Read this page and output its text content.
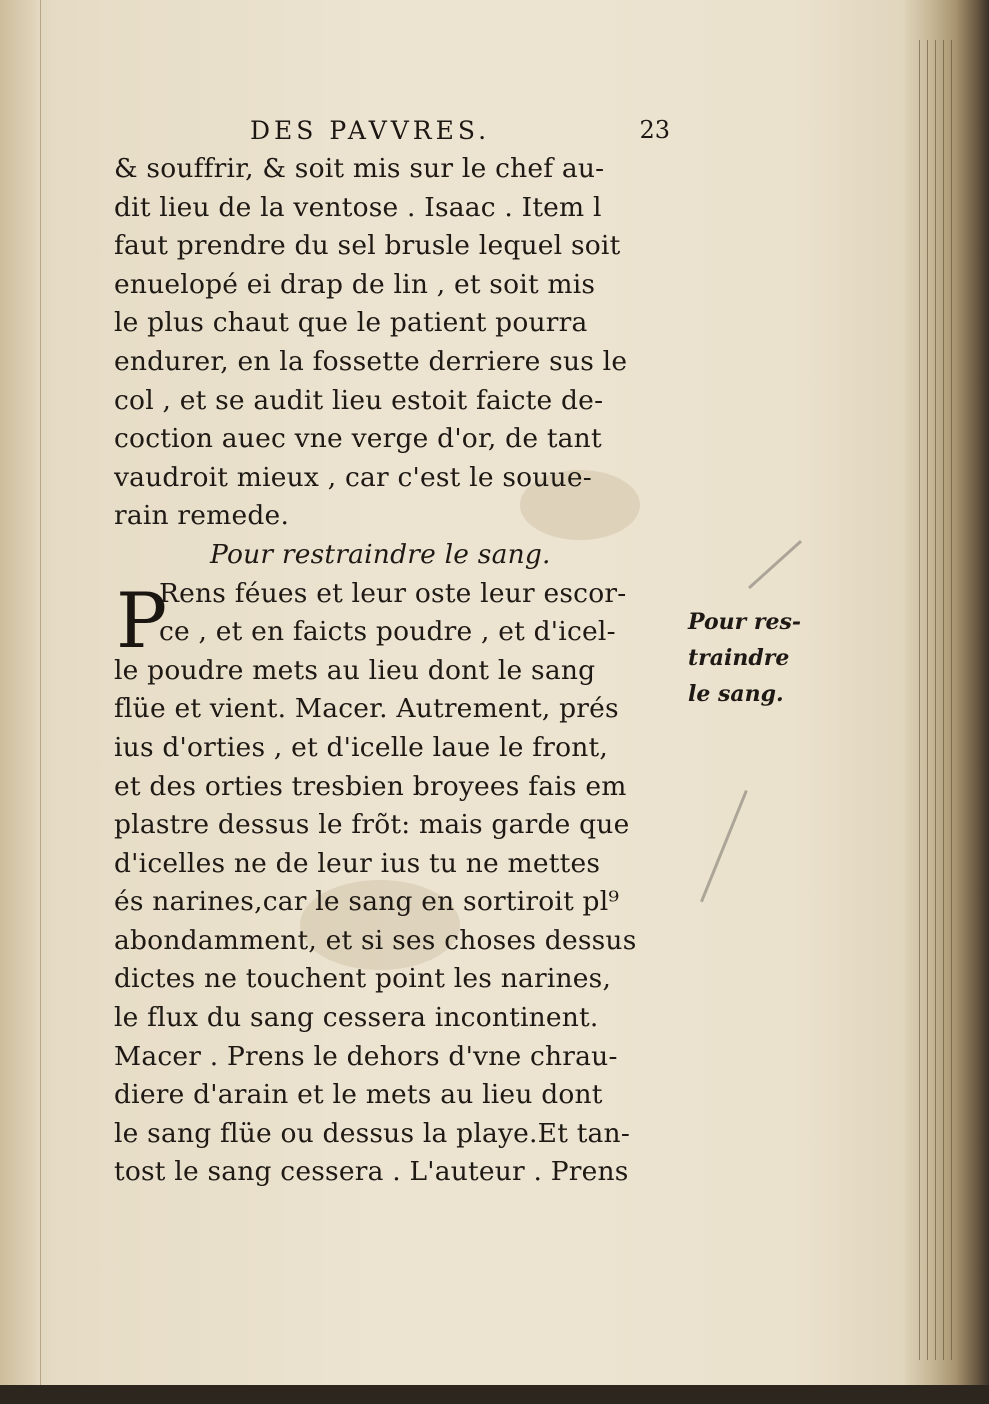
DES PAVVRES.	23
& souffrir, & soit mis sur le chef au-
dit lieu de la ventose . Isaac . Item l
faut prendre du sel brusle lequel soit
enuelopé ei drap de lin , et soit mis
le plus chaut que le patient pourra
endurer, en la fossette derriere sus le
col , et se audit lieu estoit faicte de-
coction auec vne verge d'or, de tant
vaudroit mieux , car c'est le souue-
rain remede.
Pour restraindre le sang.
P
Rens féues et leur oste leur escor-
ce , et en faicts poudre , et d'icel-
le poudre mets au lieu dont le sang
flüe et vient. Macer. Autrement, prés
ius d'orties , et d'icelle laue le front,
et des orties tresbien broyees fais em
plastre dessus le frõt: mais garde que
d'icelles ne de leur ius tu ne mettes
és narines,car le sang en sortiroit pl⁹
abondamment, et si ses choses dessus
dictes ne touchent point les narines,
le flux du sang cessera incontinent.
Macer . Prens le dehors d'vne chrau-
diere d'arain et le mets au lieu dont
le sang flüe ou dessus la playe.Et tan-
tost le sang cessera . L'auteur . Prens
Pour res-
traindre
le sang.
